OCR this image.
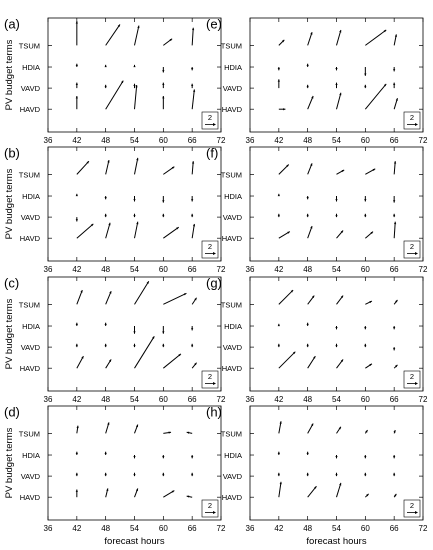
(a)
36 42 48 54 60 66 72
TSUM
HDIA
VAVD
HAVD
2
PV budget terms
(e)
36 42 48 54 60 66 72
TSUM
HDIA
VAVD
HAVD
2
(b)
36 42 48 54 60 66 72
TSUM
HDIA
VAVD
HAVD
2
PV budget terms
(f)
36 42 48 54 60 66 72
TSUM
HDIA
VAVD
HAVD
2
(c)
36 42 48 54 60 66 72
TSUM
HDIA
VAVD
HAVD
2
PV budget terms
(g)
36 42 48 54 60 66 72
TSUM
HDIA
VAVD
HAVD
2
(d)
36 42 48 54 60 66 72
TSUM
HDIA
VAVD
HAVD
2
PV budget terms
forecast hours
(h)
36 42 48 54 60 66 72
TSUM
HDIA
VAVD
HAVD
2
forecast hours
